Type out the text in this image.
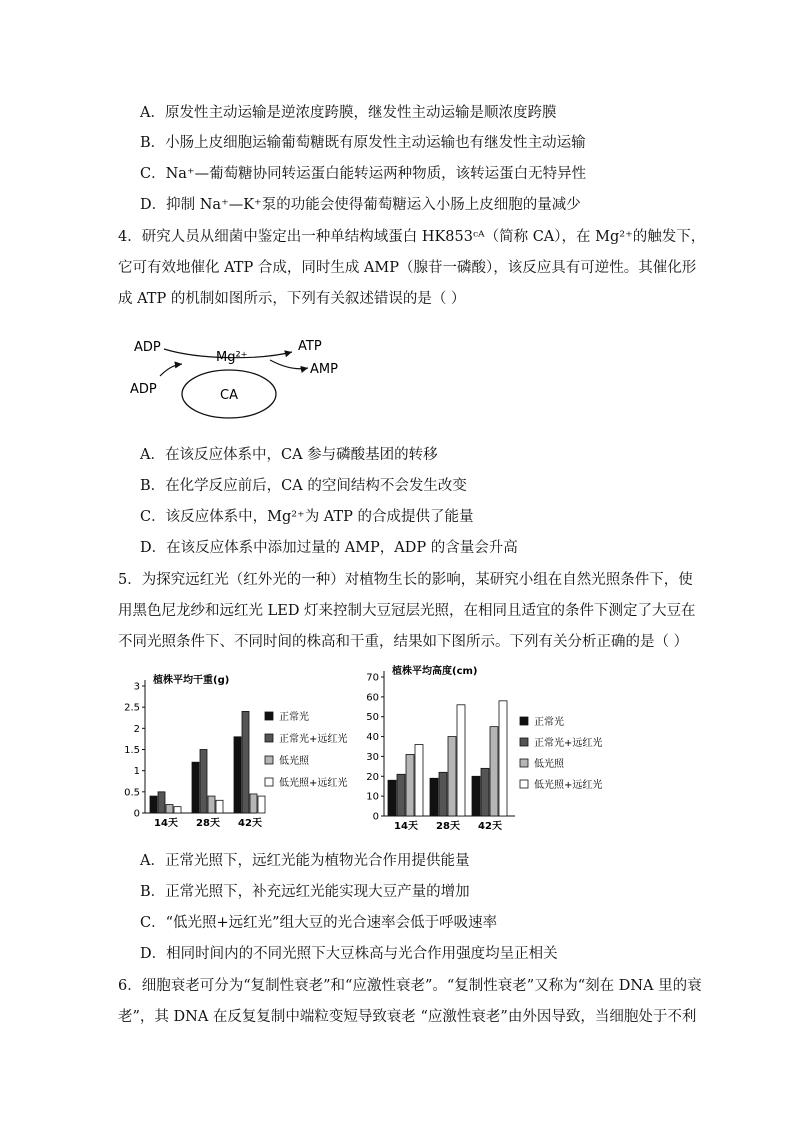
A．原发性主动运输是逆浓度跨膜，继发性主动运输是顺浓度跨膜
B．小肠上皮细胞运输葡萄糖既有原发性主动运输也有继发性主动运输
C．Na⁺—葡萄糖协同转运蛋白能转运两种物质，该转运蛋白无特异性
D．抑制 Na⁺—K⁺泵的功能会使得葡萄糖运入小肠上皮细胞的量减少
4．研究人员从细菌中鉴定出一种单结构域蛋白 HK853ᶜᴬ（简称 CA），在 Mg²⁺的触发下，
它可有效地催化 ATP 合成，同时生成 AMP（腺苷一磷酸），该反应具有可逆性。其催化形
成 ATP 的机制如图所示，下列有关叙述错误的是（ ）
CA
ADP
Mg²⁺
ATP
AMP
ADP
A．在该反应体系中，CA 参与磷酸基团的转移
B．在化学反应前后，CA 的空间结构不会发生改变
C．该反应体系中，Mg²⁺为 ATP 的合成提供了能量
D．在该反应体系中添加过量的 AMP，ADP 的含量会升高
5．为探究远红光（红外光的一种）对植物生长的影响，某研究小组在自然光照条件下，使
用黑色尼龙纱和远红光 LED 灯来控制大豆冠层光照，在相同且适宜的条件下测定了大豆在
不同光照条件下、不同时间的株高和干重，结果如下图所示。下列有关分析正确的是（ ）
0
0.5
1
1.5
2
2.5
3
植株平均干重(g)
14天 28天 42天
正常光
正常光+远红光
低光照
低光照+远红光
0
10
20
30
40
50
60
70
植株平均高度(cm)
14天 28天 42天
正常光
正常光+远红光
低光照
低光照+远红光
A．正常光照下，远红光能为植物光合作用提供能量
B．正常光照下，补充远红光能实现大豆产量的增加
C．“低光照+远红光”组大豆的光合速率会低于呼吸速率
D．相同时间内的不同光照下大豆株高与光合作用强度均呈正相关
6．细胞衰老可分为“复制性衰老”和“应激性衰老”。“复制性衰老”又称为“刻在 DNA 里的衰
老”，其 DNA 在反复复制中端粒变短导致衰老 “应激性衰老”由外因导致，当细胞处于不利
